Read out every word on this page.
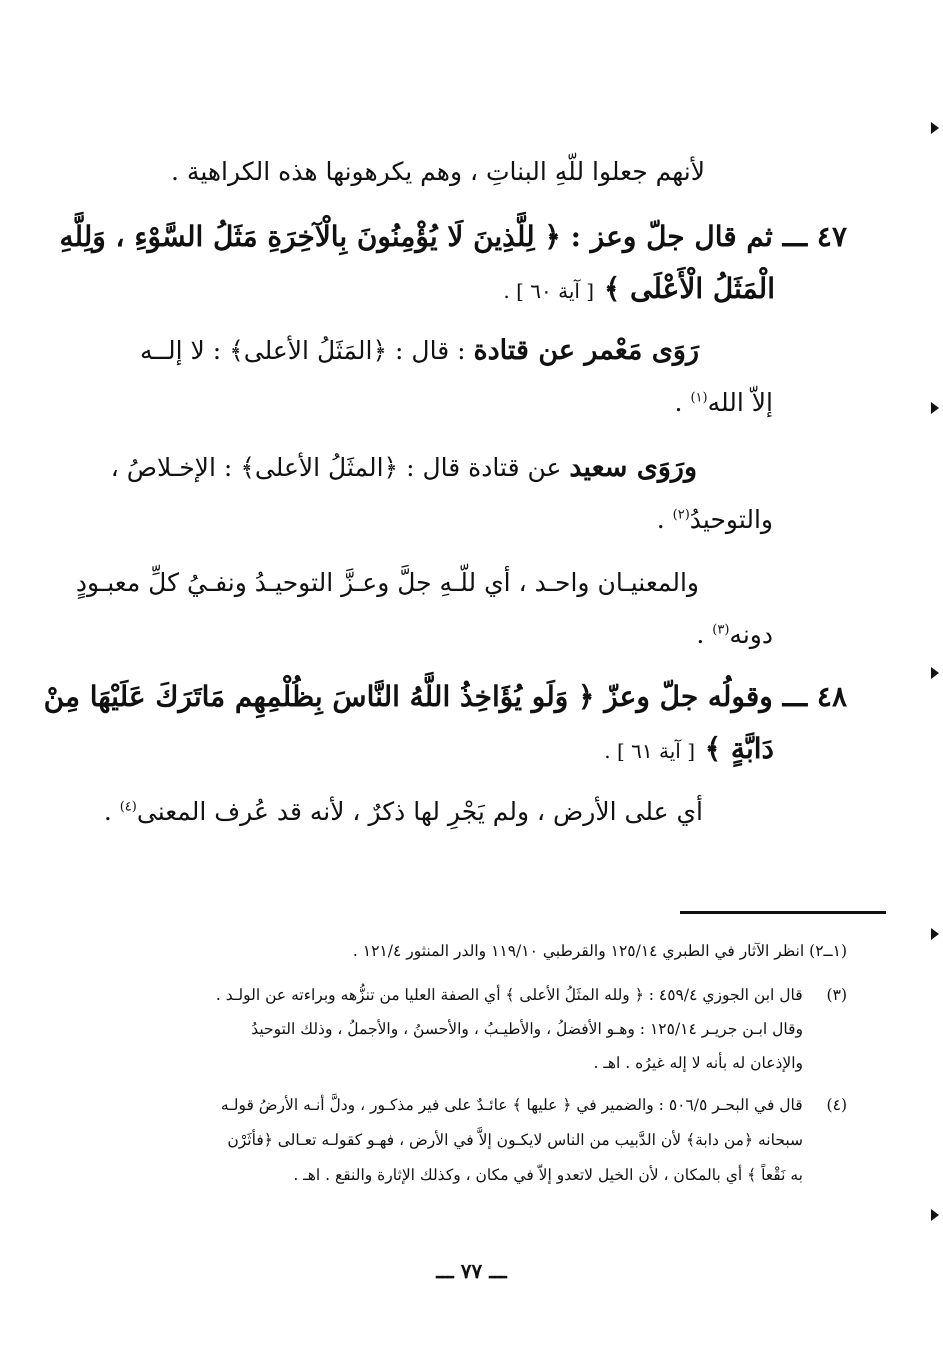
لأنهم جعلوا للّهِ البناتِ ، وهم يكرهونها هذه الكراهية .
٤٧ ـــ ثم قال جلّ وعز : ﴿ لِلَّذِينَ لَا يُؤْمِنُونَ بِالْآخِرَةِ مَثَلُ السَّوْءِ ، وَلِلَّهِ
الْمَثَلُ الْأَعْلَى ﴾ [ آية ٦٠ ] .
رَوَى مَعْمر عن قتادة : قال : ﴿المَثَلُ الأعلى﴾ : لا إلــه
إلاّ الله$^{(١)}$ .
ورَوَى سعيد عن قتادة قال : ﴿المثَلُ الأعلى﴾ : الإخـلاصُ ،
والتوحيدُ$^{(٢)}$ .
والمعنيـان واحـد ، أي للّـهِ جلَّ وعـزَّ التوحيـدُ ونفـيُ كلِّ معبـودٍ
دونه$^{(٣)}$ .
٤٨ ـــ وقولُه جلّ وعزّ ﴿ وَلَو يُؤَاخِذُ اللَّهُ النَّاسَ بِظُلْمِهِم مَاتَرَكَ عَلَيْهَا مِنْ
دَابَّةٍ ﴾ [ آية ٦١ ] .
أي على الأرض ، ولم يَجْرِ لها ذكرٌ ، لأنه قد عُرف المعنى$^{(٤)}$ .
(١ــ٢) انظر الآثار في الطبري ١٢٥/١٤ والقرطبي ١١٩/١٠ والدر المنثور ١٢١/٤ .
(٣)  قال ابن الجوزي ٤٥٩/٤ : ﴿ ولله المثَلُ الأعلى ﴾ أي الصفة العليا من تنزُّهه وبراءته عن الولـد .
وقال ابـن جريـر ١٢٥/١٤ : وهـو الأفضلُ ، والأطيـبُ ، والأحسنُ ، والأجملُ ، وذلك التوحيدُ
والإذعان له بأنه لا إله غيرُه . اهـ .
(٤)  قال في البحـر ٥٠٦/٥ : والضمير في ﴿ عليها ﴾ عائـدٌ على فير مذكـور ، ودلَّ أنـه الأرضُ قولـه
سبحانه ﴿من دابة﴾ لأن الدَّبيب من الناس لايكـون إلاَّ في الأرض ، فهـو كقولـه تعـالى ﴿فأثَرْن
به نَقْعاً ﴾ أي بالمكان ، لأن الخيل لاتعدو إلاّ في مكان ، وكذلك الإثارة والنقع . اهـ .
ـــ ٧٧ ـــ
